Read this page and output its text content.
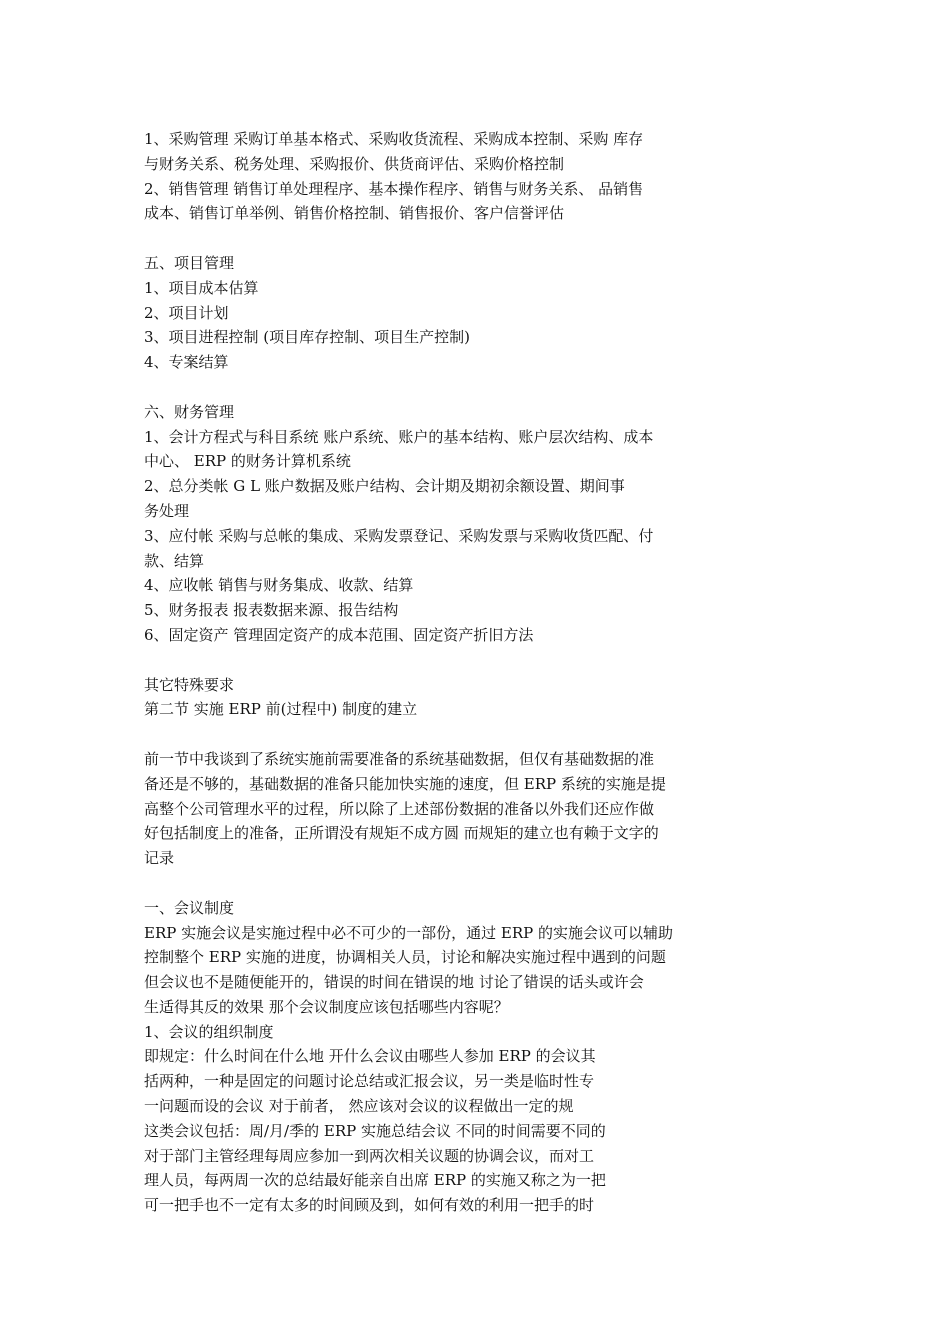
1、采购管理 采购订单基本格式、采购收货流程、采购成本控制、采购 库存
与财务关系、税务处理、采购报价、供货商评估、采购价格控制
2、销售管理 销售订单处理程序、基本操作程序、销售与财务关系、 品销售
成本、销售订单举例、销售价格控制、销售报价、客户信誉评估
五、项目管理
1、项目成本估算
2、项目计划
3、项目进程控制 (项目库存控制、项目生产控制)
4、专案结算
六、财务管理
1、会计方程式与科目系统 账户系统、账户的基本结构、账户层次结构、成本
中心、 ERP 的财务计算机系统
2、总分类帐 G L 账户数据及账户结构、会计期及期初余额设置、期间事
务处理
3、应付帐 采购与总帐的集成、采购发票登记、采购发票与采购收货匹配、付
款、结算
4、应收帐 销售与财务集成、收款、结算
5、财务报表 报表数据来源、报告结构
6、固定资产 管理固定资产的成本范围、固定资产折旧方法
其它特殊要求
第二节 实施 ERP 前(过程中) 制度的建立
前一节中我谈到了系统实施前需要准备的系统基础数据，但仅有基础数据的准
备还是不够的，基础数据的准备只能加快实施的速度，但 ERP 系统的实施是提
高整个公司管理水平的过程，所以除了上述部份数据的准备以外我们还应作做
好包括制度上的准备，正所谓没有规矩不成方圆 而规矩的建立也有赖于文字的
记录
一、会议制度
ERP 实施会议是实施过程中必不可少的一部份，通过 ERP 的实施会议可以辅助
控制整个 ERP 实施的进度，协调相关人员，讨论和解决实施过程中遇到的问题
但会议也不是随便能开的，错误的时间在错误的地 讨论了错误的话头或许会
生适得其反的效果 那个会议制度应该包括哪些内容呢？
1、会议的组织制度
即规定：什么时间在什么地 开什么会议由哪些人参加 ERP 的会议其
括两种，一种是固定的问题讨论总结或汇报会议，另一类是临时性专
一问题而设的会议 对于前者， 然应该对会议的议程做出一定的规
这类会议包括：周/月/季的 ERP 实施总结会议 不同的时间需要不同的
对于部门主管经理每周应参加一到两次相关议题的协调会议，而对工
理人员，每两周一次的总结最好能亲自出席 ERP 的实施又称之为一把
可一把手也不一定有太多的时间顾及到，如何有效的利用一把手的时
